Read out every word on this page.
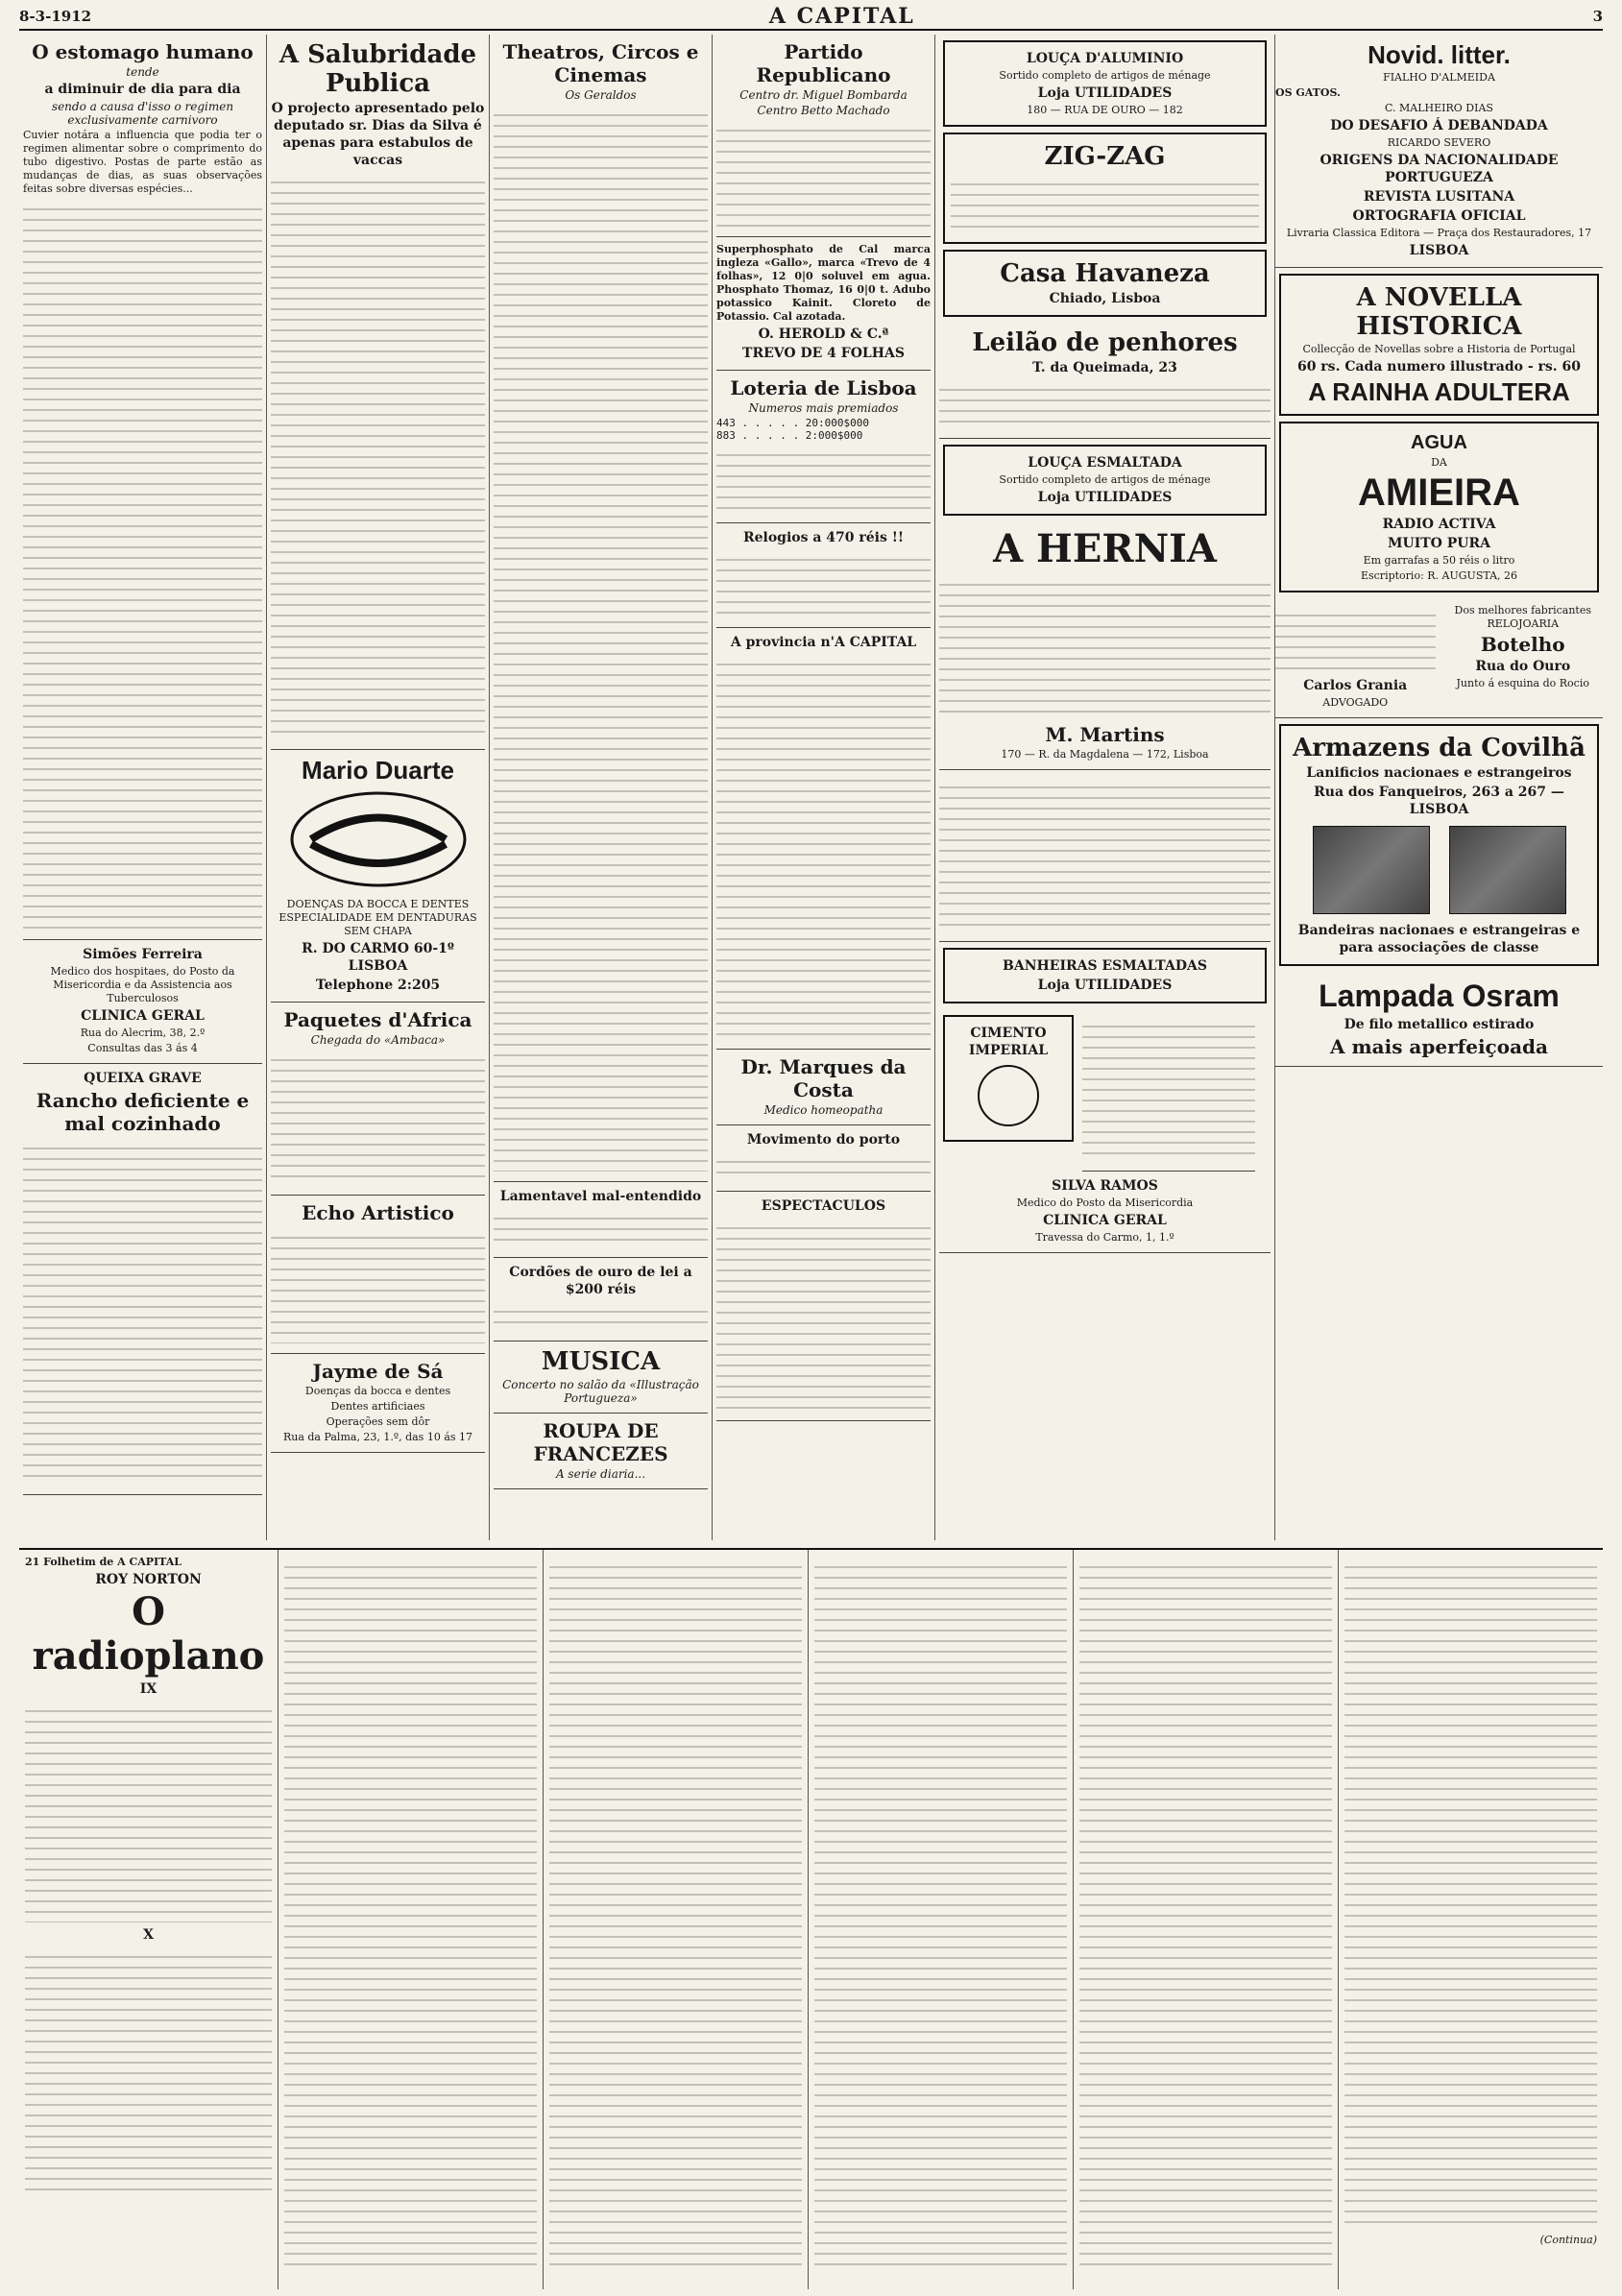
8-3-1912	A CAPITAL	3
O estomago humano
tende
a diminuir de dia para dia
sendo a causa d'isso o regimen exclusivamente carnivoro

Cuvier notára a influencia que podia ter o regimen alimentar sobre o comprimento do tubo digestivo. Postas de parte estão as mudanças de dias, as suas observações feitas sobre diversas espécies...

Simões Ferreira
Medico dos hospitaes, do Posto da Misericordia e da Assistencia aos Tuberculosos
CLINICA GERAL
Rua do Alecrim, 38, 2.º
Consultas das 3 ás 4
QUEIXA GRAVE
Rancho deficiente e mal cozinhado
A Salubridade Publica
O projecto apresentado pelo deputado sr. Dias da Silva é apenas para estabulos de vaccas
Mario Duarte
DOENÇAS DA BOCCA E DENTES ESPECIALIDADE EM DENTADURAS SEM CHAPA
R. DO CARMO 60-1º LISBOA
Telephone 2:205
Paquetes d'Africa
Chegada do «Ambaca»
Echo Artistico
Jayme de Sá
Doenças da bocca e dentes
Dentes artificiaes
Operações sem dôr
Rua da Palma, 23, 1.º, das 10 ás 17
Theatros, Circos e Cinemas
Os Geraldos
Lamentavel mal-entendido
Cordões de ouro de lei a $200 réis
MUSICA
Concerto no salão da «Illustração Portugueza»
ROUPA DE FRANCEZES
A serie diaria...
Partido Republicano
Centro dr. Miguel Bombarda
Centro Betto Machado

Superphosphato de Cal marca ingleza «Gallo», marca «Trevo de 4 folhas», 12 0|0 soluvel em agua. Phosphato Thomaz, 16 0|0 t. Adubo potassico Kainit. Cloreto de Potassio. Cal azotada.

O. HEROLD & C.ª
TREVO DE 4 FOLHAS
Loteria de Lisboa
Numeros mais premiados
443 . . . . . 20:000$000
883 . . . . . 2:000$000
Relogios a 470 réis !!
A provincia n'A CAPITAL
Dr. Marques da Costa
Medico homeopatha
Movimento do porto
ESPECTACULOS
LOUÇA D'ALUMINIO
Sortido completo de artigos de ménage
Loja UTILIDADES
180 — RUA DE OURO — 182
ZIG-ZAG
Casa Havaneza
Chiado, Lisboa
Leilão de penhores
T. da Queimada, 23
LOUÇA ESMALTADA
Sortido completo de artigos de ménage
Loja UTILIDADES
A HERNIA
M. Martins
170 — R. da Magdalena — 172, Lisboa
BANHEIRAS ESMALTADAS
Loja UTILIDADES
CIMENTO IMPERIAL

SILVA RAMOS
Medico do Posto da Misericordia
CLINICA GERAL
Travessa do Carmo, 1, 1.º
Novid. litter.
FIALHO D'ALMEIDA
OS GATOS.
C. MALHEIRO DIAS
DO DESAFIO Á DEBANDADA
RICARDO SEVERO
ORIGENS DA NACIONALIDADE PORTUGUEZA
REVISTA LUSITANA
ORTOGRAFIA OFICIAL
Livraria Classica Editora — Praça dos Restauradores, 17
LISBOA
A NOVELLA HISTORICA
Collecção de Novellas sobre a Historia de Portugal
60 rs. Cada numero illustrado - rs. 60
A RAINHA ADULTERA
AGUA
DA
AMIEIRA
RADIO ACTIVA
MUITO PURA
Em garrafas a 50 réis o litro
Escriptorio: R. AUGUSTA, 26
Carlos Grania
ADVOGADO
Dos melhores fabricantes RELOJOARIA
Botelho
Rua do Ouro
Junto á esquina do Rocio
Armazens da Covilhã
Lanificios nacionaes e estrangeiros
Rua dos Fanqueiros, 263 a 267 — LISBOA
Bandeiras nacionaes e estrangeiras e para associações de classe
Lampada Osram
De filo metallico estirado
A mais aperfeiçoada
21 Folhetim de A CAPITAL
ROY NORTON
O radioplano
IX
X
(Continua)
